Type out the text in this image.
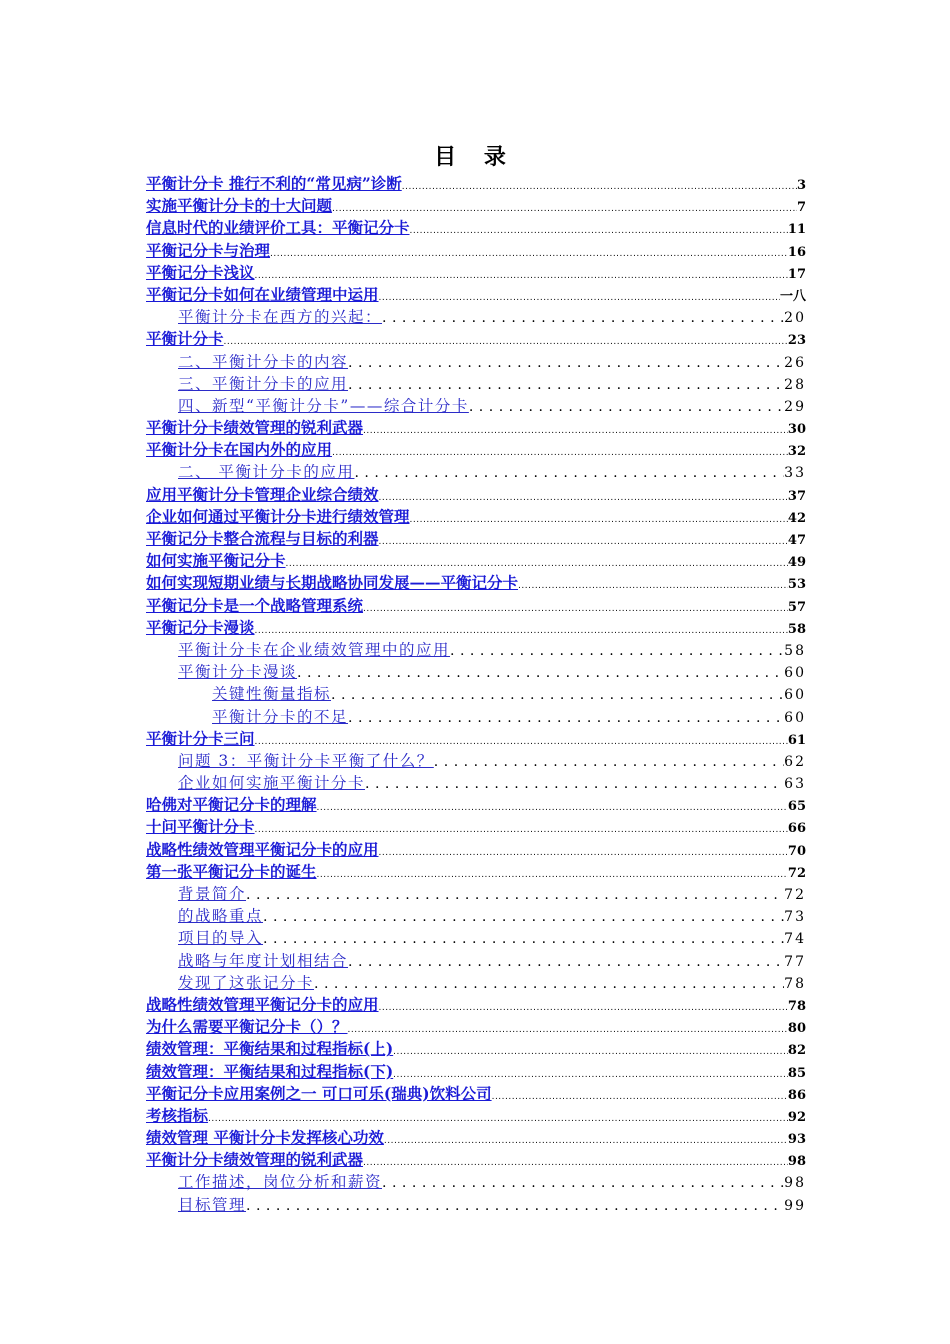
目 录
平衡计分卡 推行不利的“常见病”诊断 .....	3
实施平衡计分卡的十大问题 .....	7
信息时代的业绩评价工具：平衡记分卡 .....	11
平衡记分卡与治理 .....	16
平衡记分卡浅议 .....	17
平衡记分卡如何在业绩管理中运用 .....	一八
平衡计分卡在西方的兴起： .....	20
平衡计分卡 .....	23
二、平衡计分卡的内容 .....	26
三、平衡计分卡的应用 .....	28
四、新型“平衡计分卡”——综合计分卡 .....	29
平衡计分卡绩效管理的锐利武器 .....	30
平衡计分卡在国内外的应用 .....	32
二、 平衡计分卡的应用 .....	33
应用平衡计分卡管理企业综合绩效 .....	37
企业如何通过平衡计分卡进行绩效管理 .....	42
平衡记分卡整合流程与目标的利器 .....	47
如何实施平衡记分卡 .....	49
如何实现短期业绩与长期战略协同发展——平衡记分卡 .....	53
平衡记分卡是一个战略管理系统 .....	57
平衡记分卡漫谈 .....	58
平衡计分卡在企业绩效管理中的应用 .....	58
平衡计分卡漫谈 .....	60
关键性衡量指标 .....	60
平衡计分卡的不足 .....	60
平衡计分卡三问 .....	61
问题 3：平衡计分卡平衡了什么？ .....	62
企业如何实施平衡计分卡 .....	63
哈佛对平衡记分卡的理解 .....	65
十问平衡计分卡 .....	66
战略性绩效管理平衡记分卡的应用 .....	70
第一张平衡记分卡的诞生 .....	72
背景简介 .....	72
的战略重点 .....	73
项目的导入 .....	74
战略与年度计划相结合 .....	77
发现了这张记分卡 .....	78
战略性绩效管理平衡记分卡的应用 .....	78
为什么需要平衡记分卡（）？ .....	80
绩效管理：平衡结果和过程指标(上) .....	82
绩效管理：平衡结果和过程指标(下) .....	85
平衡记分卡应用案例之一 可口可乐(瑞典)饮料公司 .....	86
考核指标 .....	92
绩效管理 平衡计分卡发挥核心功效 .....	93
平衡计分卡绩效管理的锐利武器 .....	98
工作描述，岗位分析和薪资 .....	98
目标管理 .....	99
